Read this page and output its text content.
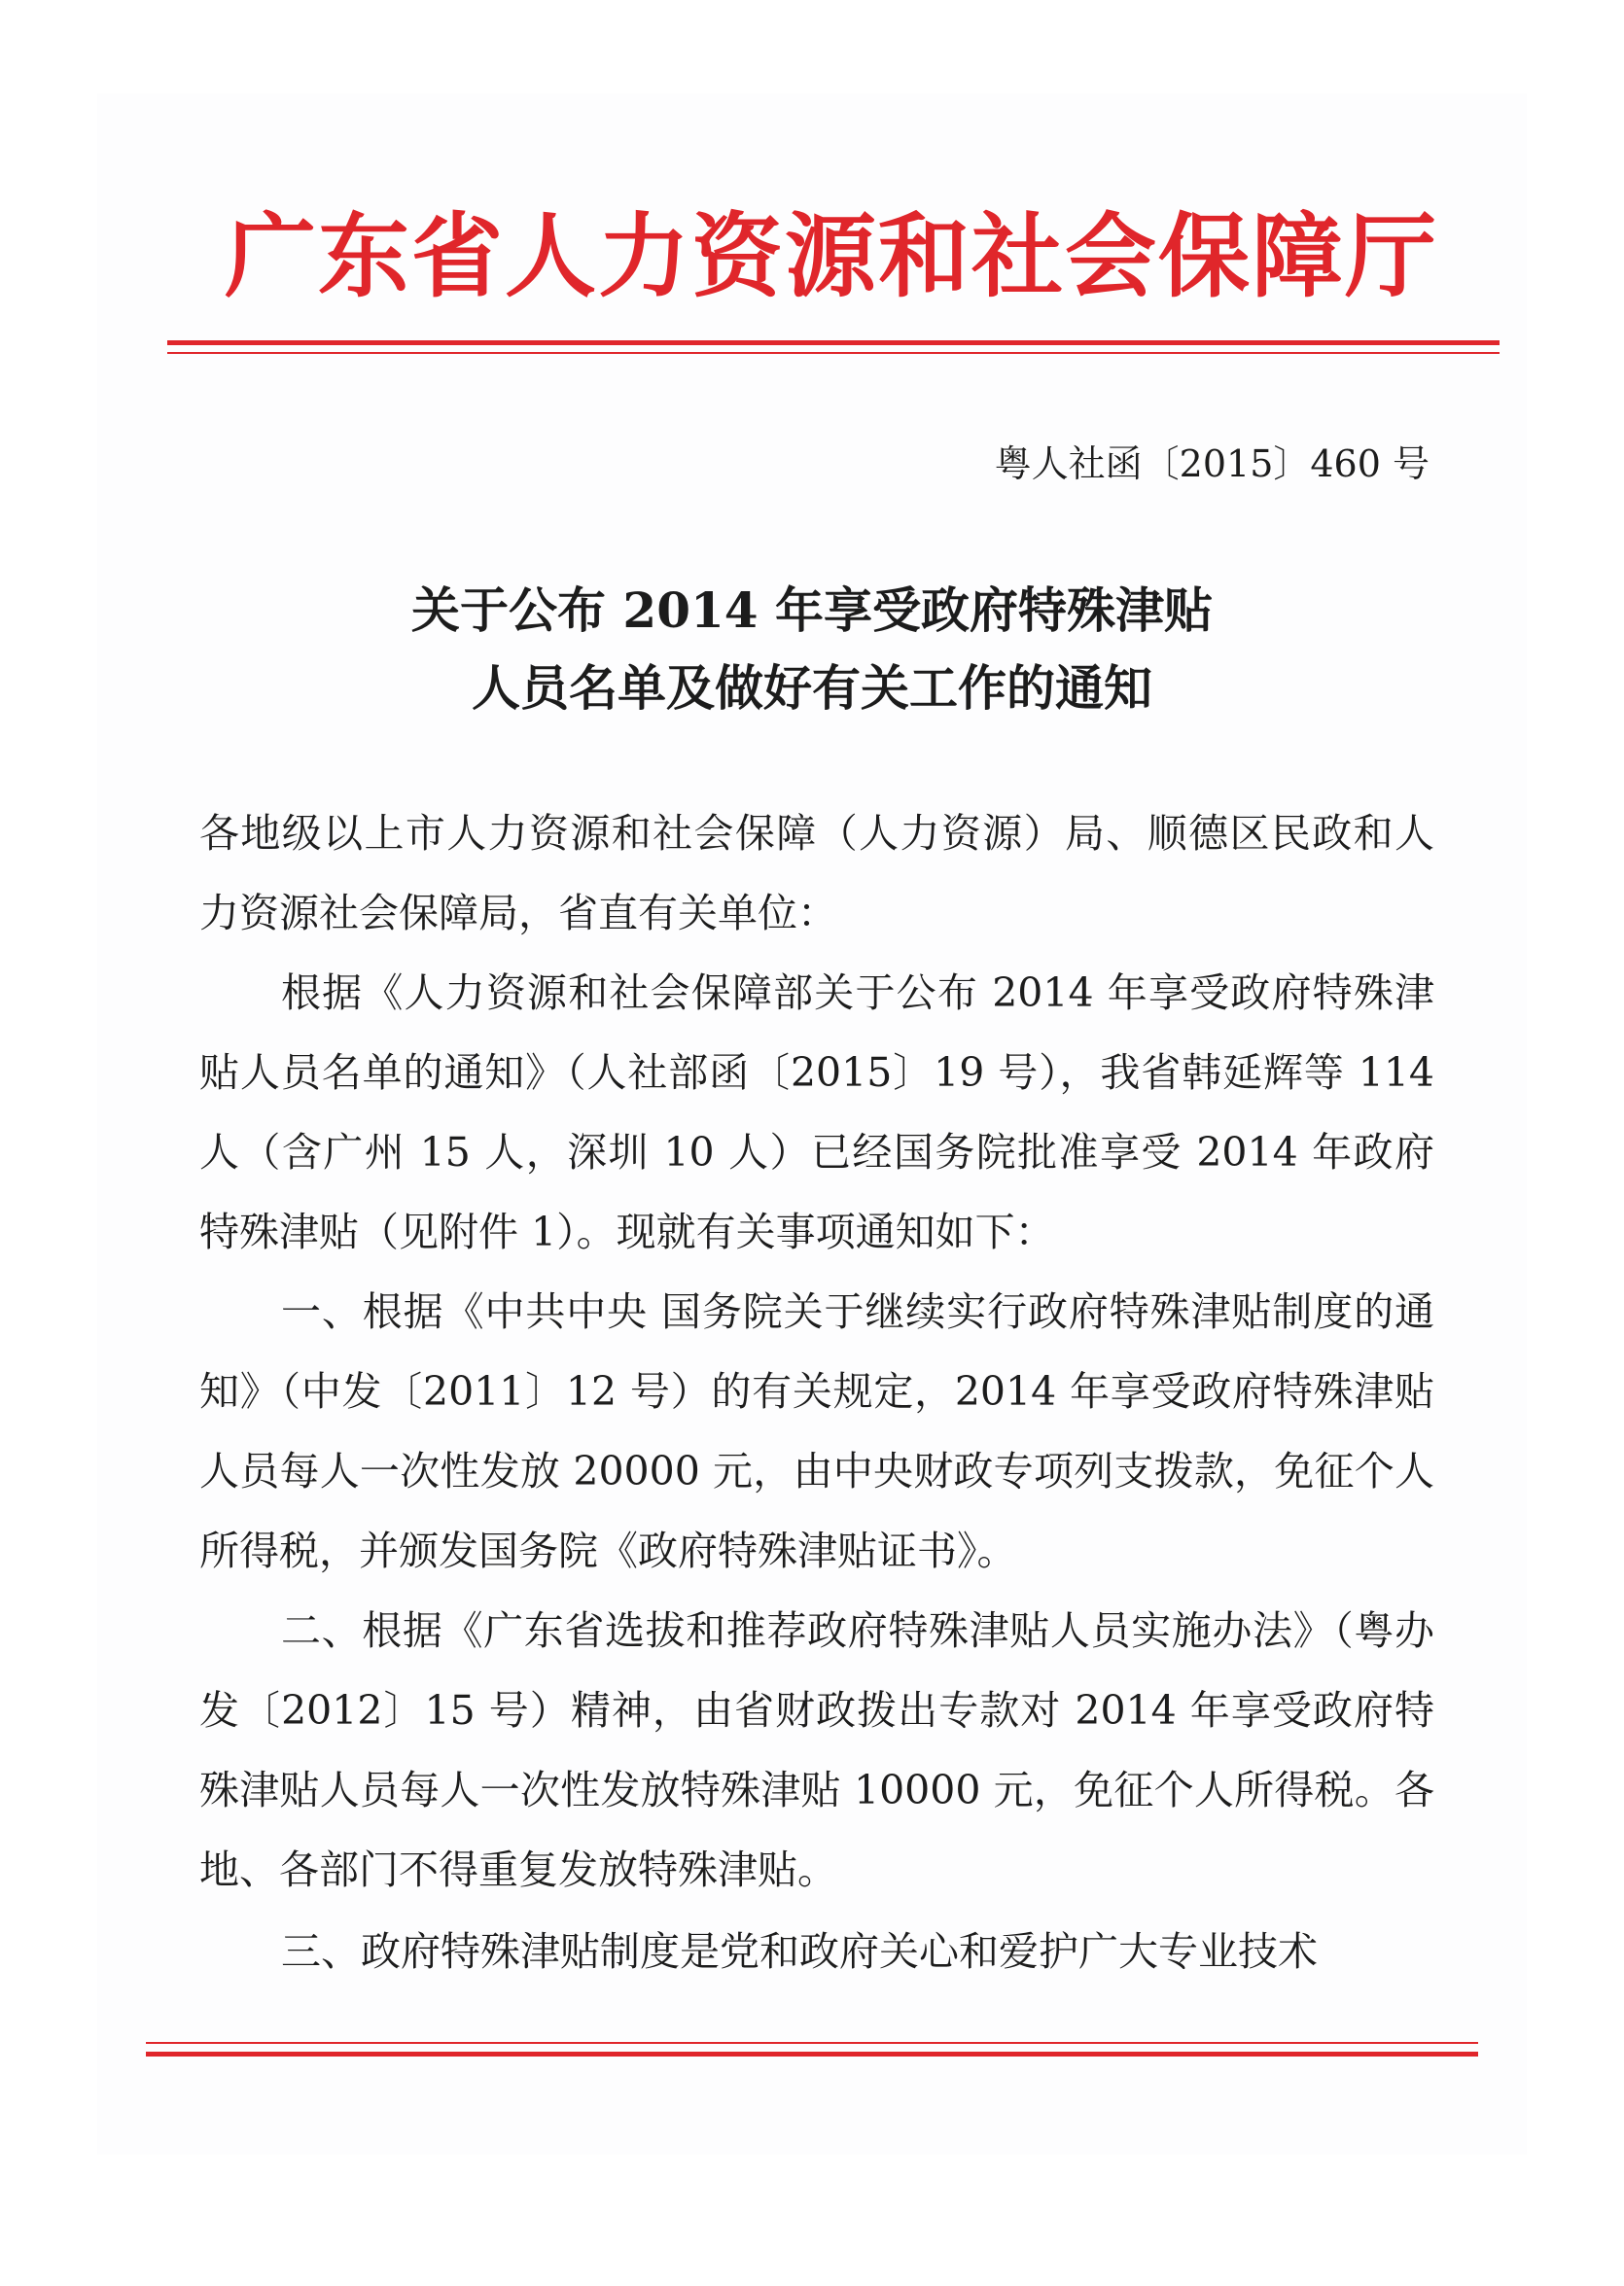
广东省人力资源和社会保障厅
粤人社函〔2015〕460 号
关于公布 2014 年享受政府特殊津贴
人员名单及做好有关工作的通知

各地级以上市人力资源和社会保障（人力资源）局、顺德区民政和人力资源社会保障局，省直有关单位：

根据《人力资源和社会保障部关于公布 2014 年享受政府特殊津贴人员名单的通知》（人社部函〔2015〕19 号），我省韩延辉等 114 人（含广州 15 人，深圳 10 人）已经国务院批准享受 2014 年政府特殊津贴（见附件 1）。现就有关事项通知如下：

一、根据《中共中央 国务院关于继续实行政府特殊津贴制度的通知》（中发〔2011〕12 号）的有关规定，2014 年享受政府特殊津贴人员每人一次性发放 20000 元，由中央财政专项列支拨款，免征个人所得税，并颁发国务院《政府特殊津贴证书》。

二、根据《广东省选拔和推荐政府特殊津贴人员实施办法》（粤办发〔2012〕15 号）精神，由省财政拨出专款对 2014 年享受政府特殊津贴人员每人一次性发放特殊津贴 10000 元，免征个人所得税。各地、各部门不得重复发放特殊津贴。

三、政府特殊津贴制度是党和政府关心和爱护广大专业技术
